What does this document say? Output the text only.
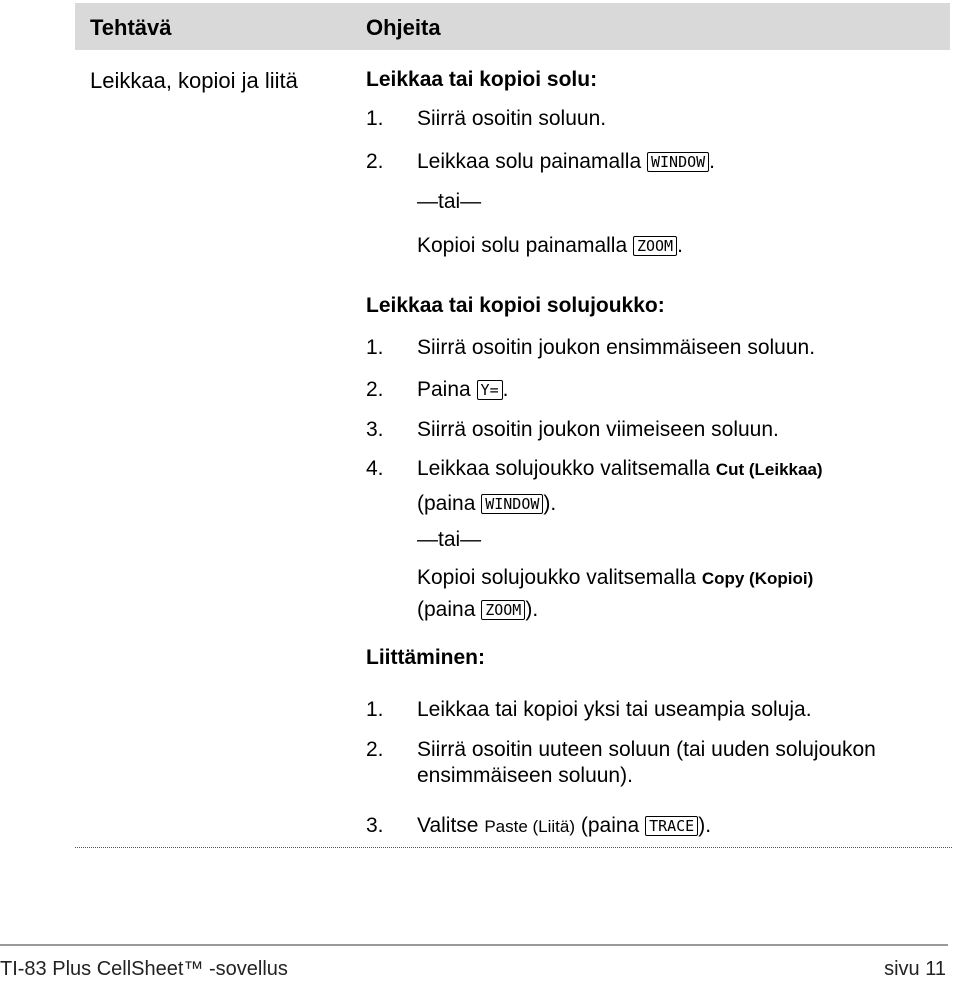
Tehtävä	Ohjeita
Leikkaa, kopioi ja liitä	Leikkaa tai kopioi solu:
1. Siirrä osoitin soluun.
2. Leikkaa solu painamalla WINDOW .
—tai—
Kopioi solu painamalla ZOOM .
Leikkaa tai kopioi solujoukko:
1. Siirrä osoitin joukon ensimmäiseen soluun.
2. Paina Y= .
3. Siirrä osoitin joukon viimeiseen soluun.
4. Leikkaa solujoukko valitsemalla Cut (Leikkaa)
(paina WINDOW ).
—tai—
Kopioi solujoukko valitsemalla Copy (Kopioi)
(paina ZOOM ).
Liittäminen:
1. Leikkaa tai kopioi yksi tai useampia soluja.
2. Siirrä osoitin uuteen soluun (tai uuden solujoukon
ensimmäiseen soluun).
3. Valitse Paste (Liitä) (paina TRACE ).
TI-83 Plus CellSheet™ -sovellus	sivu 11
